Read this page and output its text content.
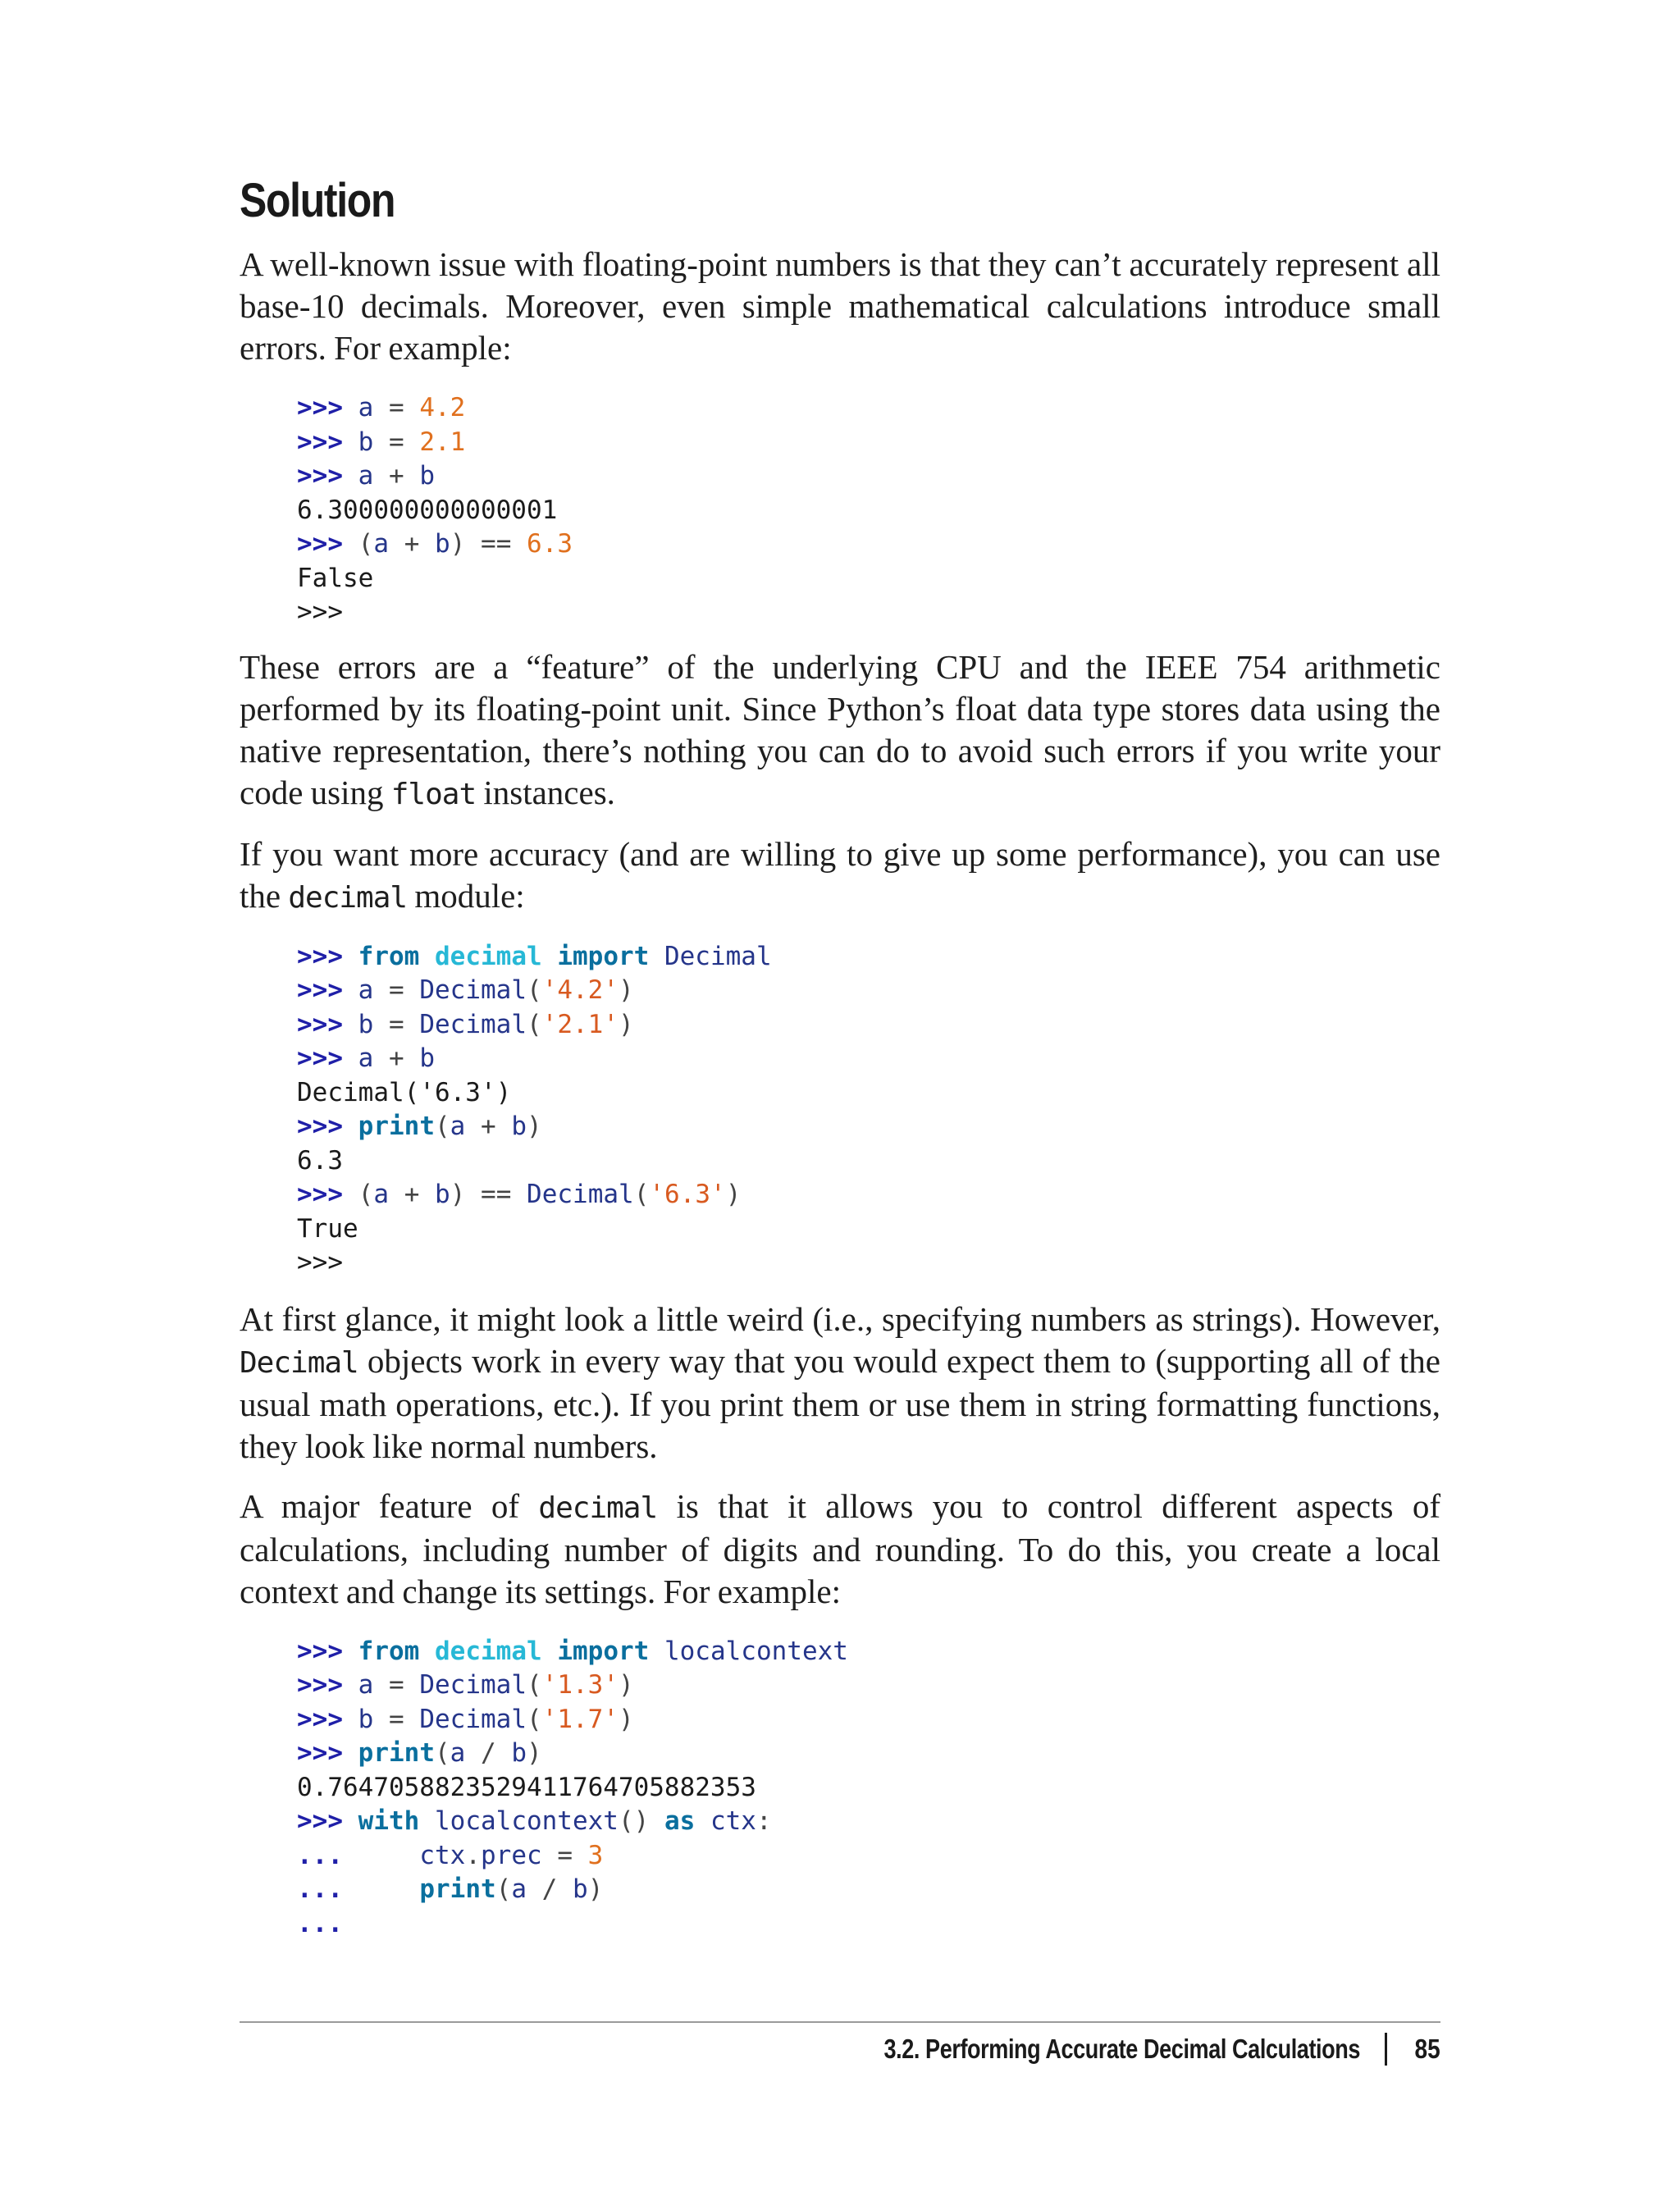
Solution

A well-known issue with floating-point numbers is that they can’t accurately represent all base-10 decimals. Moreover, even simple mathematical calculations introduce small errors. For example:

>>> a = 4.2
>>> b = 2.1
>>> a + b
6.300000000000001
>>> (a + b) == 6.3
False
>>>

These errors are a “feature” of the underlying CPU and the IEEE 754 arithmetic performed by its floating-point unit. Since Python’s float data type stores data using the native representation, there’s nothing you can do to avoid such errors if you write your code using float instances.

If you want more accuracy (and are willing to give up some performance), you can use the decimal module:

>>> from decimal import Decimal
>>> a = Decimal('4.2')
>>> b = Decimal('2.1')
>>> a + b
Decimal('6.3')
>>> print(a + b)
6.3
>>> (a + b) == Decimal('6.3')
True
>>>

At first glance, it might look a little weird (i.e., specifying numbers as strings). However, Decimal objects work in every way that you would expect them to (supporting all of the usual math operations, etc.). If you print them or use them in string formatting functions, they look like normal numbers.

A major feature of decimal is that it allows you to control different aspects of calculations, including number of digits and rounding. To do this, you create a local context and change its settings. For example:

>>> from decimal import localcontext
>>> a = Decimal('1.3')
>>> b = Decimal('1.7')
>>> print(a / b)
0.7647058823529411764705882353
>>> with localcontext() as ctx:
...	ctx.prec = 3
...	print(a / b)
...
3.2. Performing Accurate Decimal Calculations 85
